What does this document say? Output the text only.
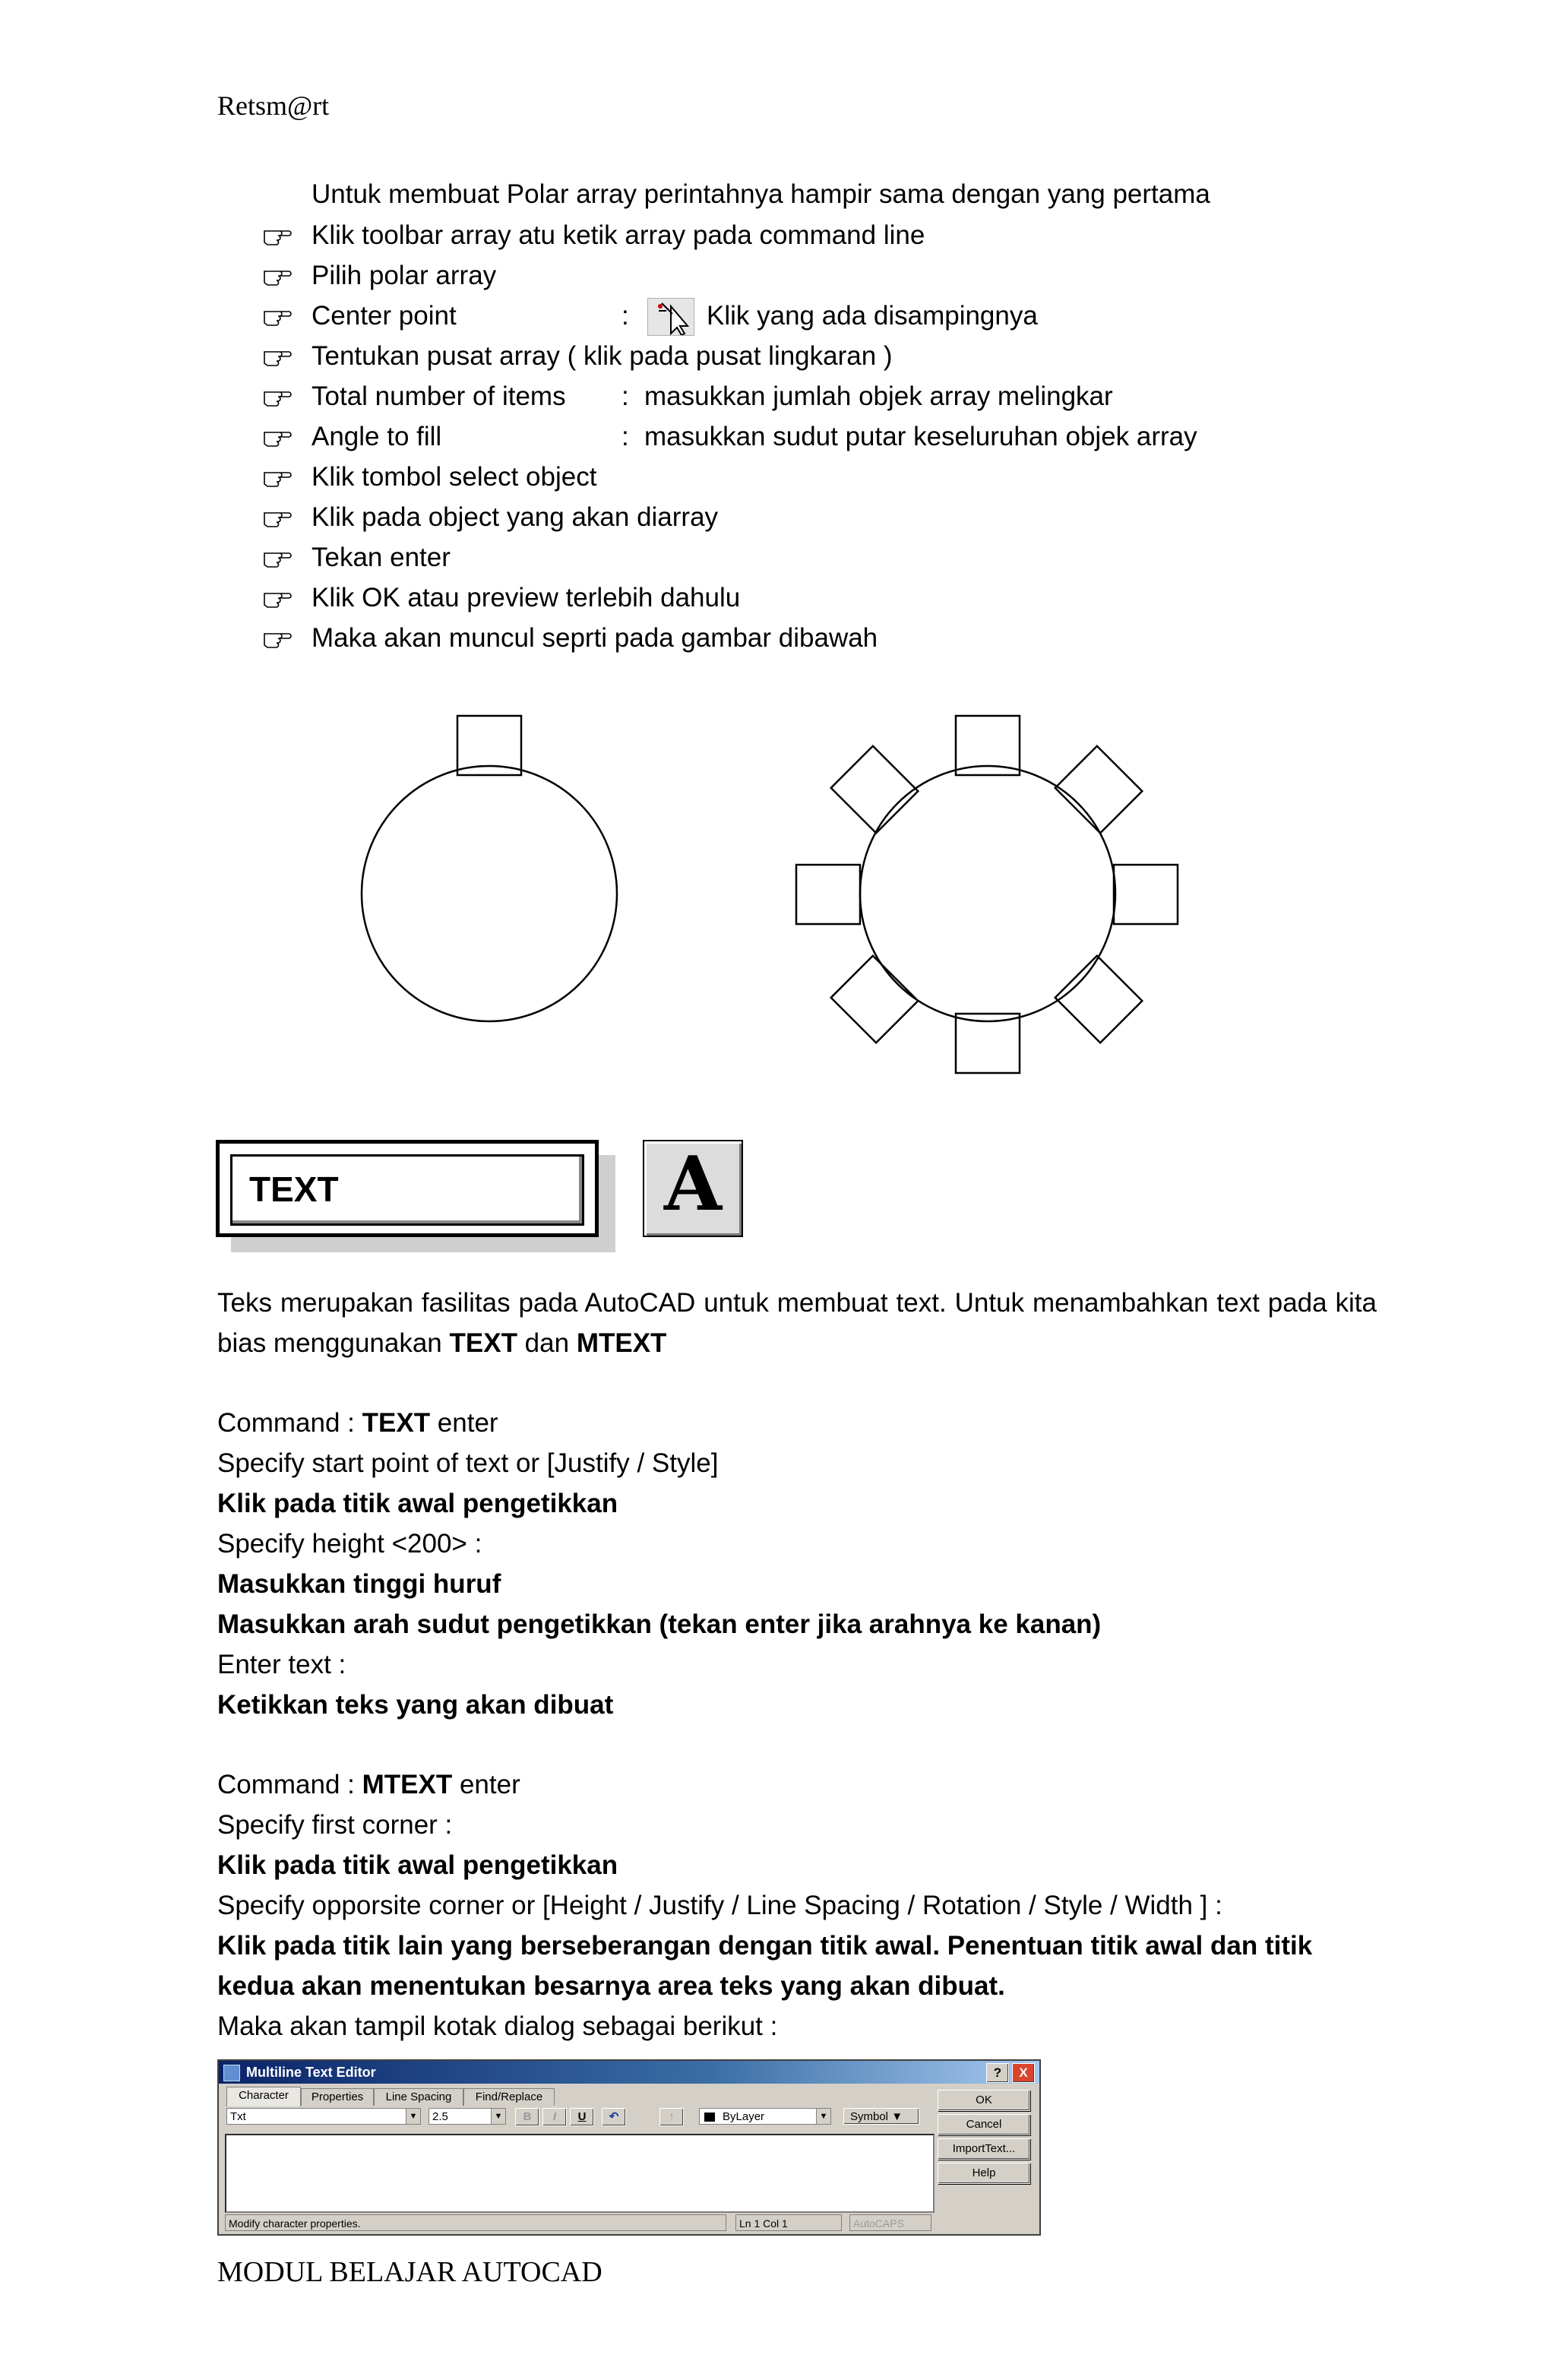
Retsm@rt
Untuk membuat Polar array perintahnya hampir sama dengan yang pertama
Klik toolbar array atu ketik array pada command line
Pilih polar array
Center point	:	Klik yang ada disampingnya
Tentukan pusat array ( klik pada pusat lingkaran )
Total number of items : masukkan jumlah objek array melingkar
Angle to fill	: masukkan sudut putar keseluruhan objek array
Klik tombol select object
Klik pada object yang akan diarray
Tekan enter
Klik OK atau preview terlebih dahulu
Maka akan muncul seprti pada gambar dibawah
TEXT	A
Teks merupakan fasilitas pada AutoCAD untuk membuat text. Untuk menambahkan text pada kita bias menggunakan TEXT dan MTEXT
Command : TEXT enter
Specify start point of text or [Justify / Style]
Klik pada titik awal pengetikkan
Specify height <200> :
Masukkan tinggi huruf
Masukkan arah sudut pengetikkan (tekan enter jika arahnya ke kanan)
Enter text :
Ketikkan teks yang akan dibuat
Command : MTEXT enter
Specify first corner :
Klik pada titik awal pengetikkan
Specify opporsite corner or [Height / Justify / Line Spacing / Rotation / Style / Width ] :
Klik pada titik lain yang berseberangan dengan titik awal. Penentuan titik awal dan titik
kedua akan menentukan besarnya area teks yang akan dibuat.
Maka akan tampil kotak dialog sebagai berikut :
Multiline Text Editor	?	X
Character	Properties	Line Spacing	Find/Replace
Txt	▼	2.5	▼	B	I	U	↶	↑	ByLayer	▼	Symbol ▼
OK
Cancel
ImportText...
Help
Modify character properties.	Ln 1 Col 1	AutoCAPS
MODUL BELAJAR AUTOCAD
